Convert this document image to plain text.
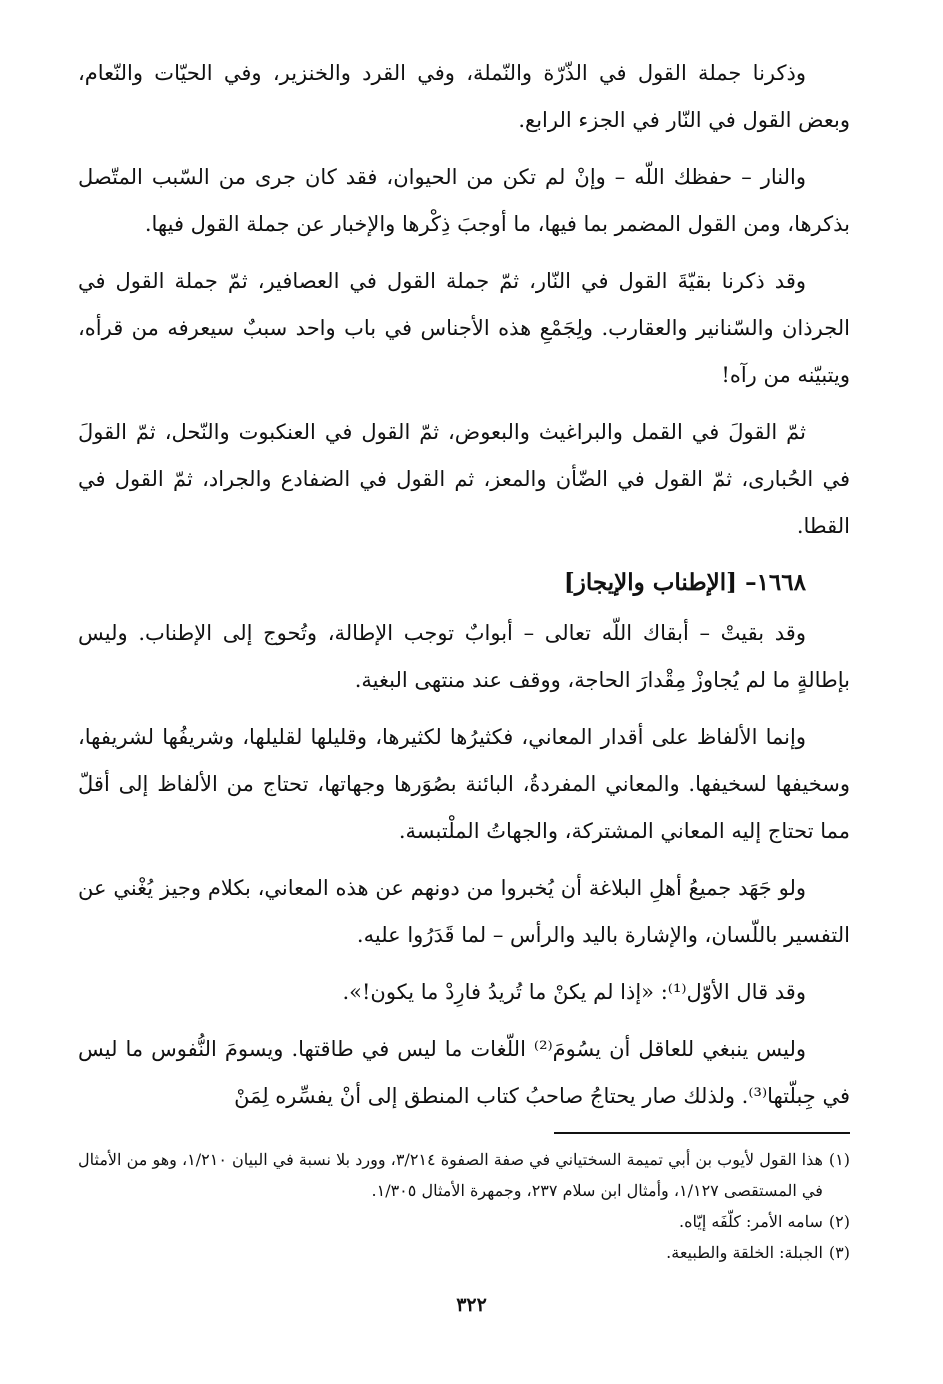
وذكرنا جملة القول في الذّرّة والنّملة، وفي القرد والخنزير، وفي الحيّات والنّعام، وبعض القول في النّار في الجزء الرابع.

والنار – حفظك اللّه – وإنْ لم تكن من الحيوان، فقد كان جرى من السّبب المتّصل بذكرها، ومن القول المضمر بما فيها، ما أوجبَ ذِكْرها والإخبار عن جملة القول فيها.

وقد ذكرنا بقيّةَ القول في النّار، ثمّ جملة القول في العصافير، ثمّ جملة القول في الجرذان والسّنانير والعقارب. ولِجَمْعِ هذه الأجناس في باب واحد سببٌ سيعرفه من قرأه، ويتبيّنه من رآه!

ثمّ القولَ في القمل والبراغيث والبعوض، ثمّ القول في العنكبوت والنّحل، ثمّ القولَ في الحُبارى، ثمّ القول في الضّأن والمعز، ثم القول في الضفادع والجراد، ثمّ القول في القطا.

١٦٦٨– [الإطناب والإيجاز]

وقد بقيتْ – أبقاك اللّه تعالى – أبوابٌ توجب الإطالة، وتُحوج إلى الإطناب. وليس بإطالةٍ ما لم يُجاوزْ مِقْدارَ الحاجة، ووقف عند منتهى البغية.

وإنما الألفاظ على أقدار المعاني، فكثيرُها لكثيرها، وقليلها لقليلها، وشريفُها لشريفها، وسخيفها لسخيفها. والمعاني المفردةُ، البائنة بصُوَرها وجهاتها، تحتاج من الألفاظ إلى أقلّ مما تحتاج إليه المعاني المشتركة، والجهاتُ الملْتبسة.

ولو جَهَد جميعُ أهلِ البلاغة أن يُخبروا من دونهم عن هذه المعاني، بكلام وجيز يُغْني عن التفسير باللّسان، والإشارة باليد والرأس – لما قَدَرُوا عليه.

وقد قال الأوّل⁽¹⁾: «إذا لم يكنْ ما تُريدُ فارِدْ ما يكون!».

وليس ينبغي للعاقل أن يسُومَ⁽²⁾ اللّغات ما ليس في طاقتها. ويسومَ النُّفوس ما ليس في جِبلّتها⁽³⁾. ولذلك صار يحتاجُ صاحبُ كتاب المنطق إلى أنْ يفسِّره لِمَنْ

(١)
هذا القول لأيوب بن أبي تميمة السختياني في صفة الصفوة ٣/٢١٤، وورد بلا نسبة في البيان ١/٢١٠، وهو من الأمثال في المستقصى ١/١٢٧، وأمثال ابن سلام ٢٣٧، وجمهرة الأمثال ١/٣٠٥.

(٢)
سامه الأمر: كلّفَه إيّاه.

(٣)
الجبلة: الخلقة والطبيعة.

٣٢٢
